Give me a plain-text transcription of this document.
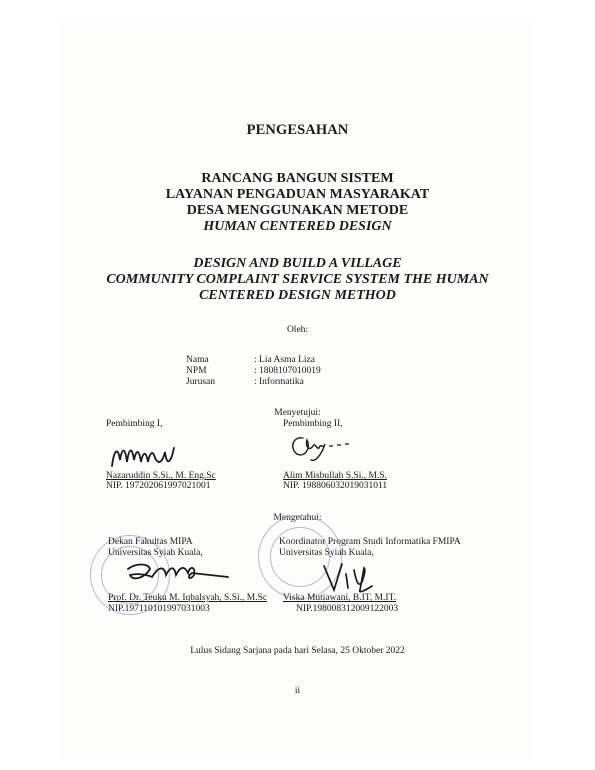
PENGESAHAN
RANCANG BANGUN SISTEM
LAYANAN PENGADUAN MASYARAKAT
DESA MENGGUNAKAN METODE
HUMAN CENTERED DESIGN
DESIGN AND BUILD A VILLAGE
COMMUNITY COMPLAINT SERVICE SYSTEM THE HUMAN
CENTERED DESIGN METHOD
Oleh:
Nama	: Lia Asma Liza
NPM	: 1808107010019
Jurusan	: Informatika
Menyetujui:
Pembimbing I,
Nazaruddin S.Si., M. Eng.Sc
NIP. 197202061997021001
Pembimbing II,
Alim Misbullah S.Si., M.S.
NIP. 198806032019031011
Mengetahui:
Dekan Fakultas MIPA
Universitas Syiah Kuala,
Prof. Dr. Teuku M. Iqbalsyah, S.Si., M.Sc
NIP.197110101997031003
Koordinator Program Studi Informatika FMIPA
Universitas Syiah Kuala,
Viska Mutiawani, B.IT, M.IT.
NIP.198008312009122003
Lulus Sidang Sarjana pada hari Selasa, 25 Oktober 2022
ii
